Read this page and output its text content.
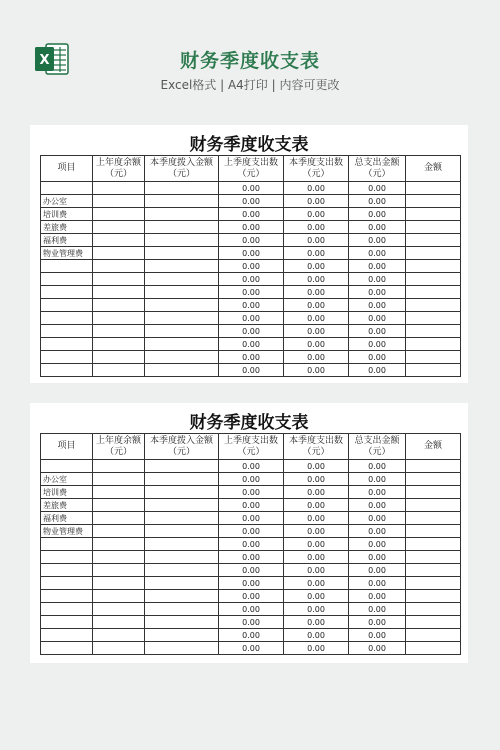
X	财务季度收支表
Excel格式 | A4打印 | 内容可更改
财务季度收支表
项目	上年度余额（元）	本季度拨入金额（元）	上季度支出数（元）	本季度支出数（元）	总支出金额（元）	金额
			0.00	0.00	0.00	
办公室			0.00	0.00	0.00	
培训费			0.00	0.00	0.00	
差旅费			0.00	0.00	0.00	
福利费			0.00	0.00	0.00	
物业管理费			0.00	0.00	0.00	
			0.00	0.00	0.00	
			0.00	0.00	0.00	
			0.00	0.00	0.00	
			0.00	0.00	0.00	
			0.00	0.00	0.00	
			0.00	0.00	0.00	
			0.00	0.00	0.00	
			0.00	0.00	0.00	
			0.00	0.00	0.00	
财务季度收支表
项目	上年度余额（元）	本季度拨入金额（元）	上季度支出数（元）	本季度支出数（元）	总支出金额（元）	金额
			0.00	0.00	0.00	
办公室			0.00	0.00	0.00	
培训费			0.00	0.00	0.00	
差旅费			0.00	0.00	0.00	
福利费			0.00	0.00	0.00	
物业管理费			0.00	0.00	0.00	
			0.00	0.00	0.00	
			0.00	0.00	0.00	
			0.00	0.00	0.00	
			0.00	0.00	0.00	
			0.00	0.00	0.00	
			0.00	0.00	0.00	
			0.00	0.00	0.00	
			0.00	0.00	0.00	
			0.00	0.00	0.00	
